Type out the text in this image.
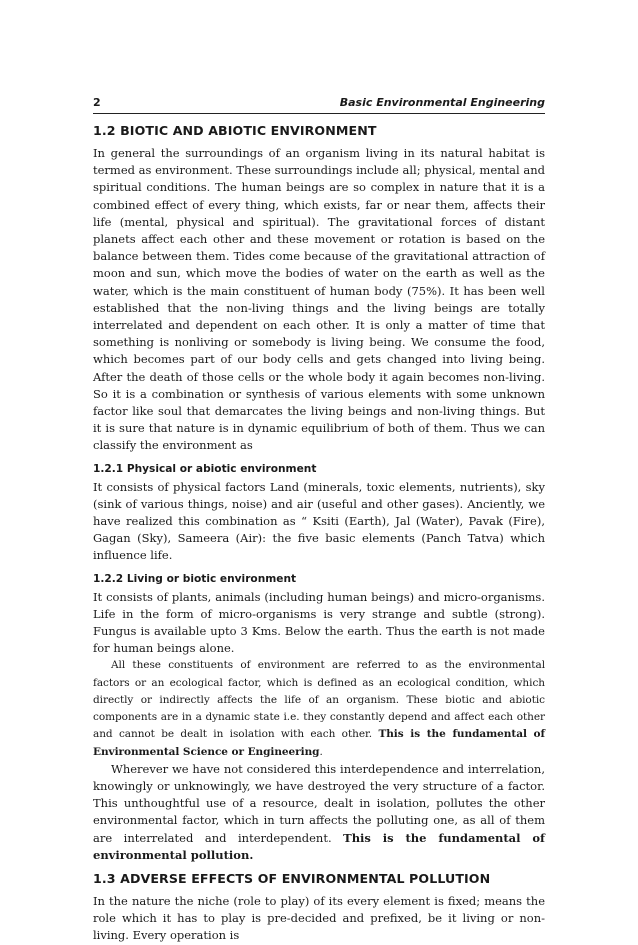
2	Basic Environmental Engineering
1.2 BIOTIC AND ABIOTIC ENVIRONMENT

In general the surroundings of an organism living in its natural habitat is termed as environment. These surroundings include all; physical, mental and spiritual conditions. The human beings are so complex in nature that it is a combined effect of every thing, which exists, far or near them, affects their life (mental, physical and spiritual). The gravitational forces of distant planets affect each other and these movement or rotation is based on the balance between them. Tides come because of the gravitational attraction of moon and sun, which move the bodies of water on the earth as well as the water, which is the main constituent of human body (75%). It has been well established that the non-living things and the living beings are totally interrelated and dependent on each other. It is only a matter of time that something is nonliving or somebody is living being. We consume the food, which becomes part of our body cells and gets changed into living being. After the death of those cells or the whole body it again becomes non-living. So it is a combination or synthesis of various elements with some unknown factor like soul that demarcates the living beings and non-living things. But it is sure that nature is in dynamic equilibrium of both of them. Thus we can classify the environment as

1.2.1 Physical or abiotic environment

It consists of physical factors Land (minerals, toxic elements, nutrients), sky (sink of various things, noise) and air (useful and other gases). Anciently, we have realized this combination as “ Ksiti (Earth), Jal (Water), Pavak (Fire), Gagan (Sky), Sameera (Air): the five basic elements (Panch Tatva) which influence life.

1.2.2 Living or biotic environment

It consists of plants, animals (including human beings) and micro-organisms. Life in the form of micro-organisms is very strange and subtle (strong). Fungus is available upto 3 Kms. Below the earth. Thus the earth is not made for human beings alone.

All these constituents of environment are referred to as the environmental factors or an ecological factor, which is defined as an ecological condition, which directly or indirectly affects the life of an organism. These biotic and abiotic components are in a dynamic state i.e. they constantly depend and affect each other and cannot be dealt in isolation with each other. This is the fundamental of Environmental Science or Engineering.

Wherever we have not considered this interdependence and interrelation, knowingly or unknowingly, we have destroyed the very structure of a factor. This unthoughtful use of a resource, dealt in isolation, pollutes the other environmental factor, which in turn affects the polluting one, as all of them are interrelated and interdependent. This is the fundamental of environmental pollution.

1.3 ADVERSE EFFECTS OF ENVIRONMENTAL POLLUTION

In the nature the niche (role to play) of its every element is fixed; means the role which it has to play is pre-decided and prefixed, be it living or non-living. Every operation is
